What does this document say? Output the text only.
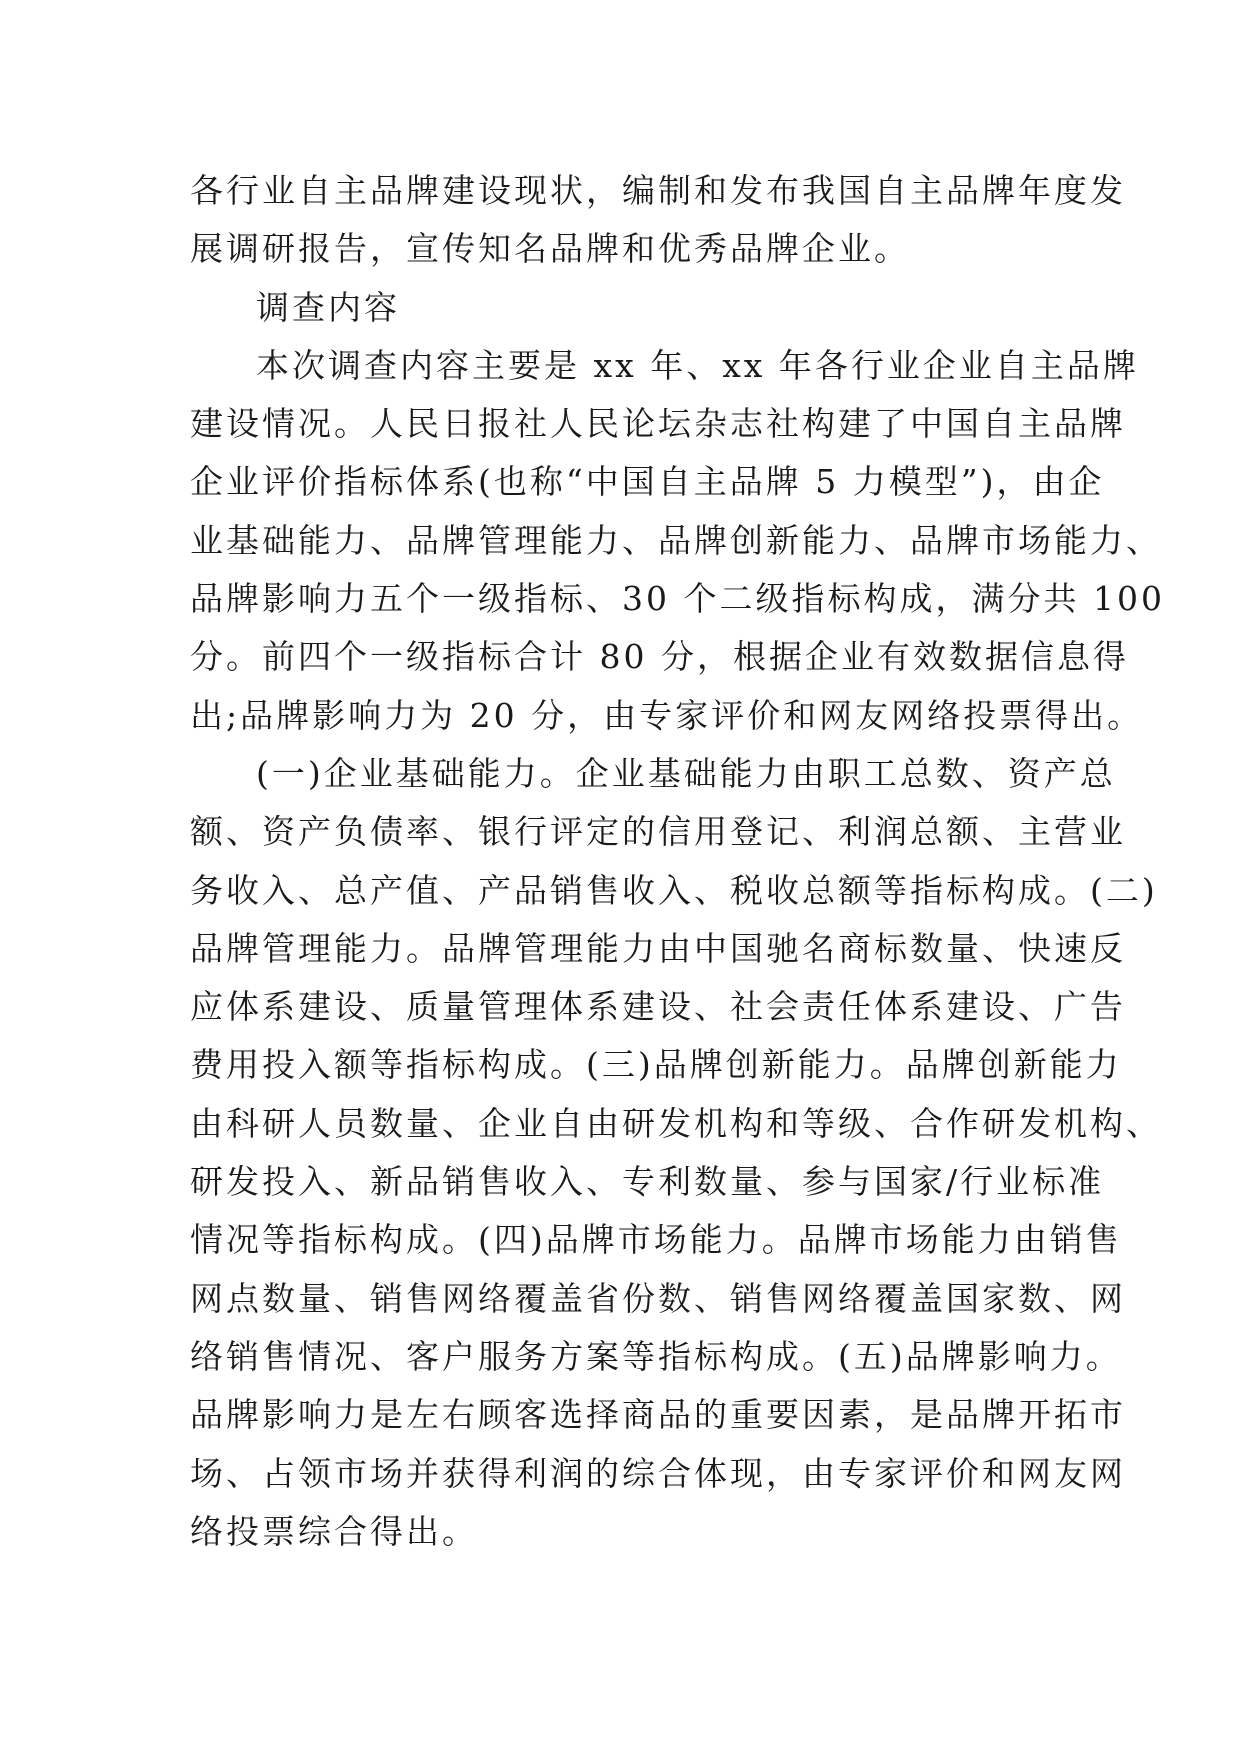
各行业自主品牌建设现状，编制和发布我国自主品牌年度发
展调研报告，宣传知名品牌和优秀品牌企业。
调查内容
本次调查内容主要是 xx 年、xx 年各行业企业自主品牌
建设情况。人民日报社人民论坛杂志社构建了中国自主品牌
企业评价指标体系(也称“中国自主品牌 5 力模型”)，由企
业基础能力、品牌管理能力、品牌创新能力、品牌市场能力、
品牌影响力五个一级指标、30 个二级指标构成，满分共 100
分。前四个一级指标合计 80 分，根据企业有效数据信息得
出;品牌影响力为 20 分，由专家评价和网友网络投票得出。
(一)企业基础能力。企业基础能力由职工总数、资产总
额、资产负债率、银行评定的信用登记、利润总额、主营业
务收入、总产值、产品销售收入、税收总额等指标构成。(二)
品牌管理能力。品牌管理能力由中国驰名商标数量、快速反
应体系建设、质量管理体系建设、社会责任体系建设、广告
费用投入额等指标构成。(三)品牌创新能力。品牌创新能力
由科研人员数量、企业自由研发机构和等级、合作研发机构、
研发投入、新品销售收入、专利数量、参与国家/行业标准
情况等指标构成。(四)品牌市场能力。品牌市场能力由销售
网点数量、销售网络覆盖省份数、销售网络覆盖国家数、网
络销售情况、客户服务方案等指标构成。(五)品牌影响力。
品牌影响力是左右顾客选择商品的重要因素，是品牌开拓市
场、占领市场并获得利润的综合体现，由专家评价和网友网
络投票综合得出。
